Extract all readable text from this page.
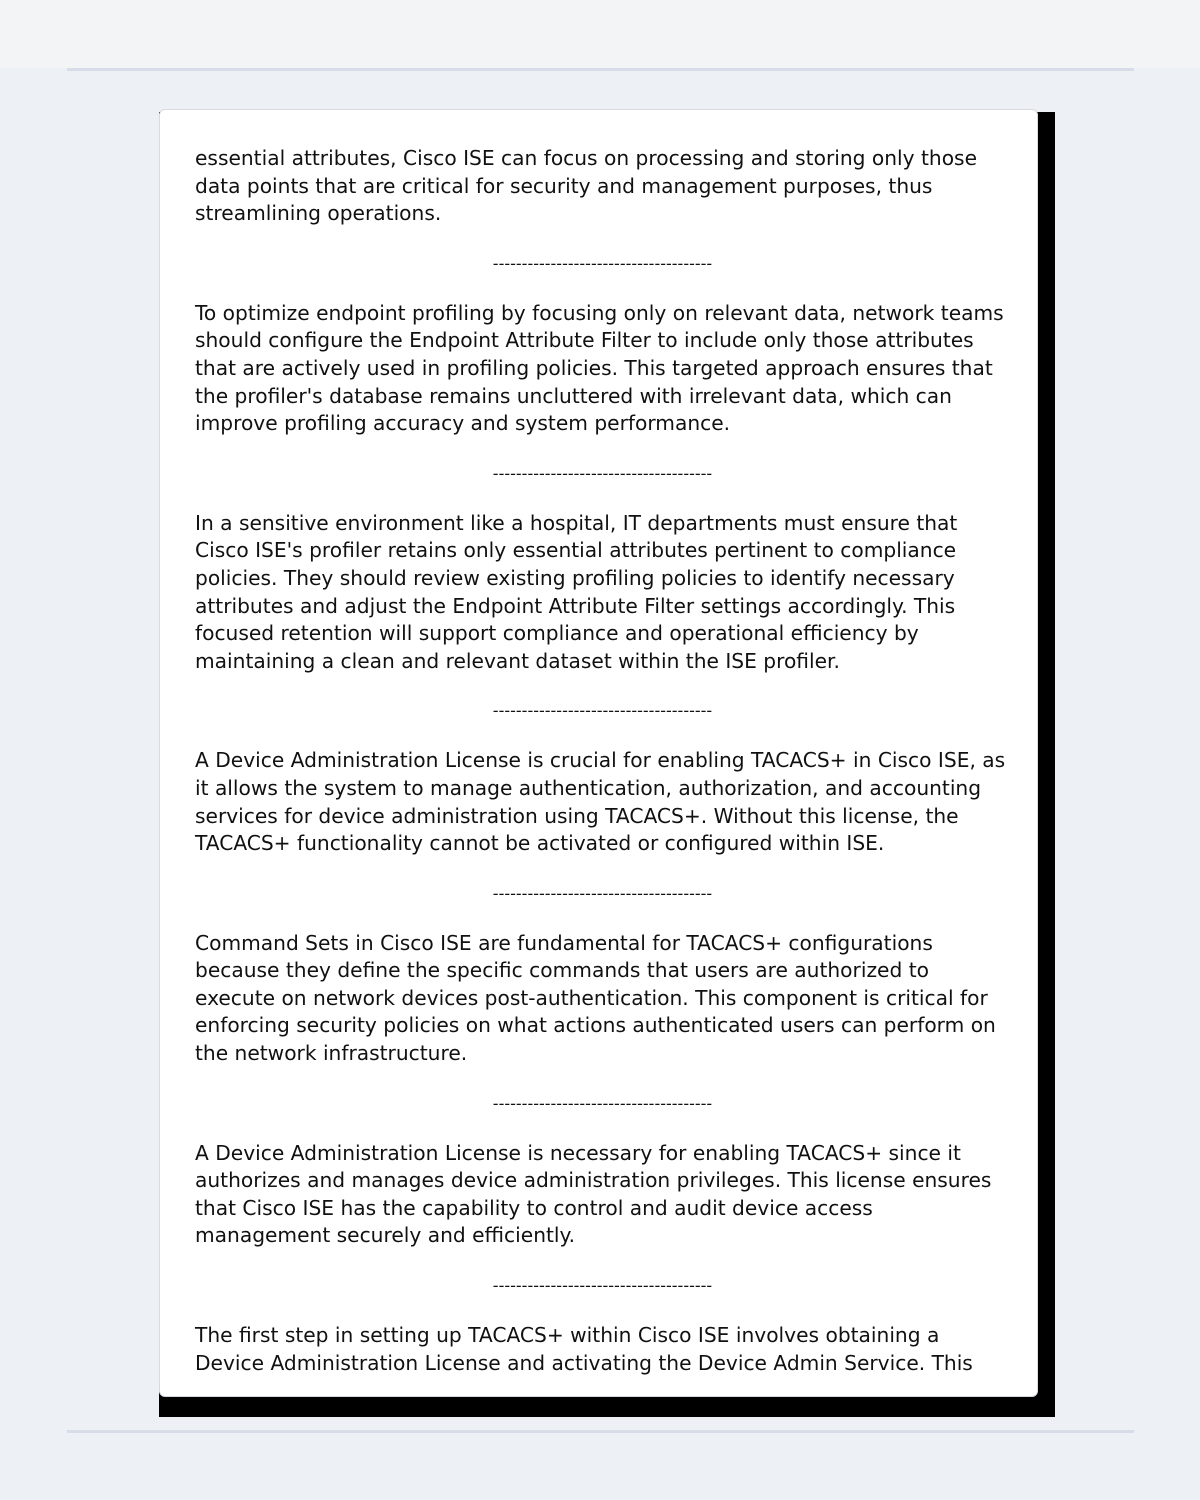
essential attributes, Cisco ISE can focus on processing and storing only those data points that are critical for security and management purposes, thus streamlining operations.

--------------------------------------

To optimize endpoint profiling by focusing only on relevant data, network teams should configure the Endpoint Attribute Filter to include only those attributes that are actively used in profiling policies. This targeted approach ensures that the profiler's database remains uncluttered with irrelevant data, which can improve profiling accuracy and system performance.

--------------------------------------

In a sensitive environment like a hospital, IT departments must ensure that Cisco ISE's profiler retains only essential attributes pertinent to compliance policies. They should review existing profiling policies to identify necessary attributes and adjust the Endpoint Attribute Filter settings accordingly. This focused retention will support compliance and operational efficiency by maintaining a clean and relevant dataset within the ISE profiler.

--------------------------------------

A Device Administration License is crucial for enabling TACACS+ in Cisco ISE, as it allows the system to manage authentication, authorization, and accounting services for device administration using TACACS+. Without this license, the TACACS+ functionality cannot be activated or configured within ISE.

--------------------------------------

Command Sets in Cisco ISE are fundamental for TACACS+ configurations because they define the specific commands that users are authorized to execute on network devices post-authentication. This component is critical for enforcing security policies on what actions authenticated users can perform on the network infrastructure.

--------------------------------------

A Device Administration License is necessary for enabling TACACS+ since it authorizes and manages device administration privileges. This license ensures that Cisco ISE has the capability to control and audit device access management securely and efficiently.

--------------------------------------

The first step in setting up TACACS+ within Cisco ISE involves obtaining a Device Administration License and activating the Device Admin Service. This
